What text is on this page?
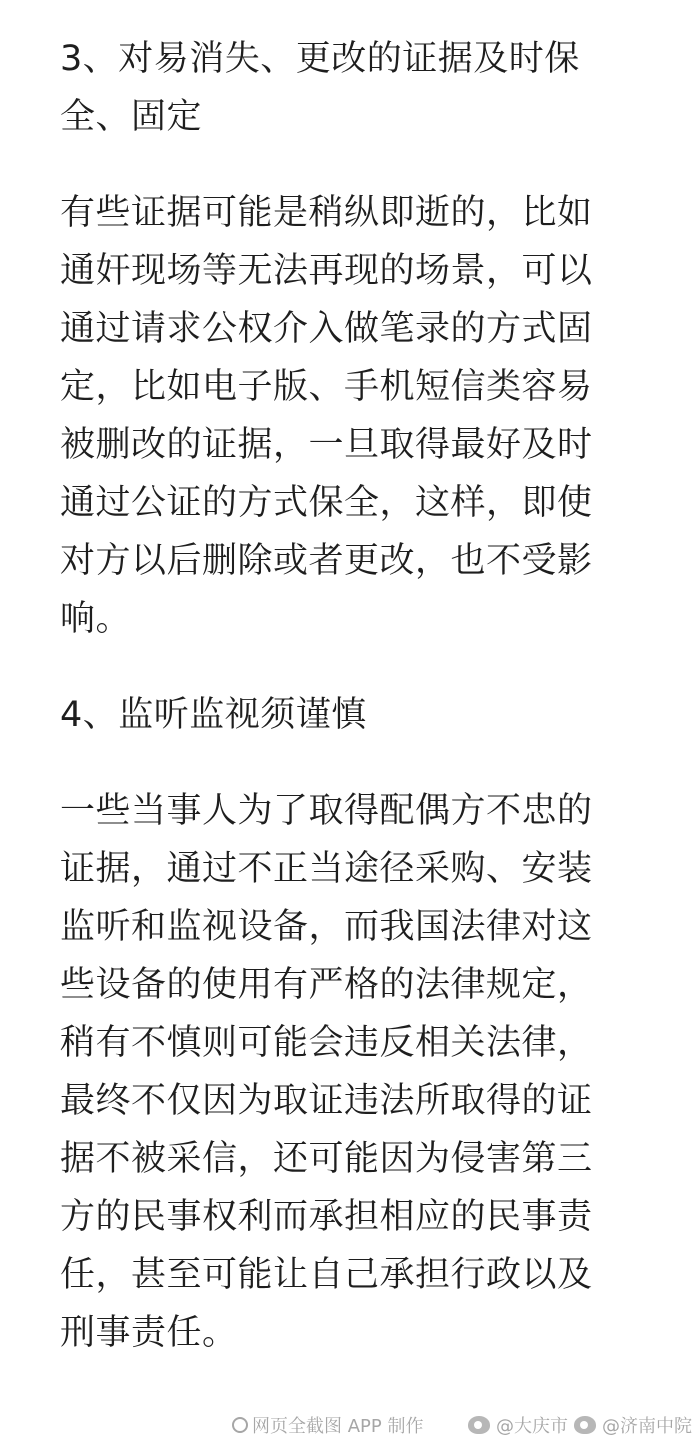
3、对易消失、更改的证据及时保
全、固定
有些证据可能是稍纵即逝的，比如
通奸现场等无法再现的场景，可以
通过请求公权介入做笔录的方式固
定，比如电子版、手机短信类容易
被删改的证据，一旦取得最好及时
通过公证的方式保全，这样，即使
对方以后删除或者更改，也不受影
响。
4、监听监视须谨慎
一些当事人为了取得配偶方不忠的
证据，通过不正当途径采购、安装
监听和监视设备，而我国法律对这
些设备的使用有严格的法律规定，
稍有不慎则可能会违反相关法律，
最终不仅因为取证违法所取得的证
据不被采信，还可能因为侵害第三
方的民事权利而承担相应的民事责
任，甚至可能让自己承担行政以及
刑事责任。
网页全截图 APP 制作	@大庆市 @济南中院
